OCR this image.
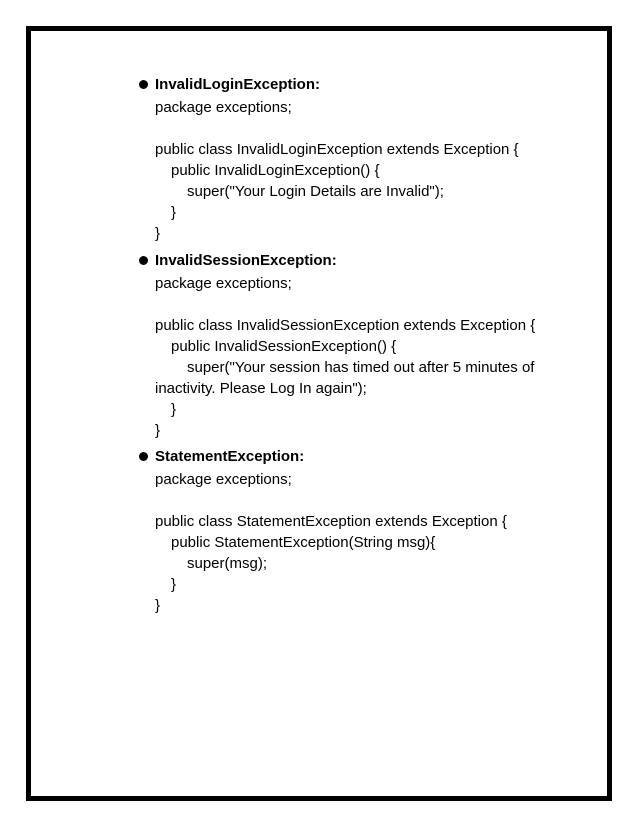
InvalidLoginException:
package exceptions;
public class InvalidLoginException extends Exception {
public InvalidLoginException() {
super("Your Login Details are Invalid");
}
}
InvalidSessionException:
package exceptions;
public class InvalidSessionException extends Exception {
public InvalidSessionException() {
super("Your session has timed out after 5 minutes of
inactivity. Please Log In again");
}
}
StatementException:
package exceptions;
public class StatementException extends Exception {
public StatementException(String msg){
super(msg);
}
}
